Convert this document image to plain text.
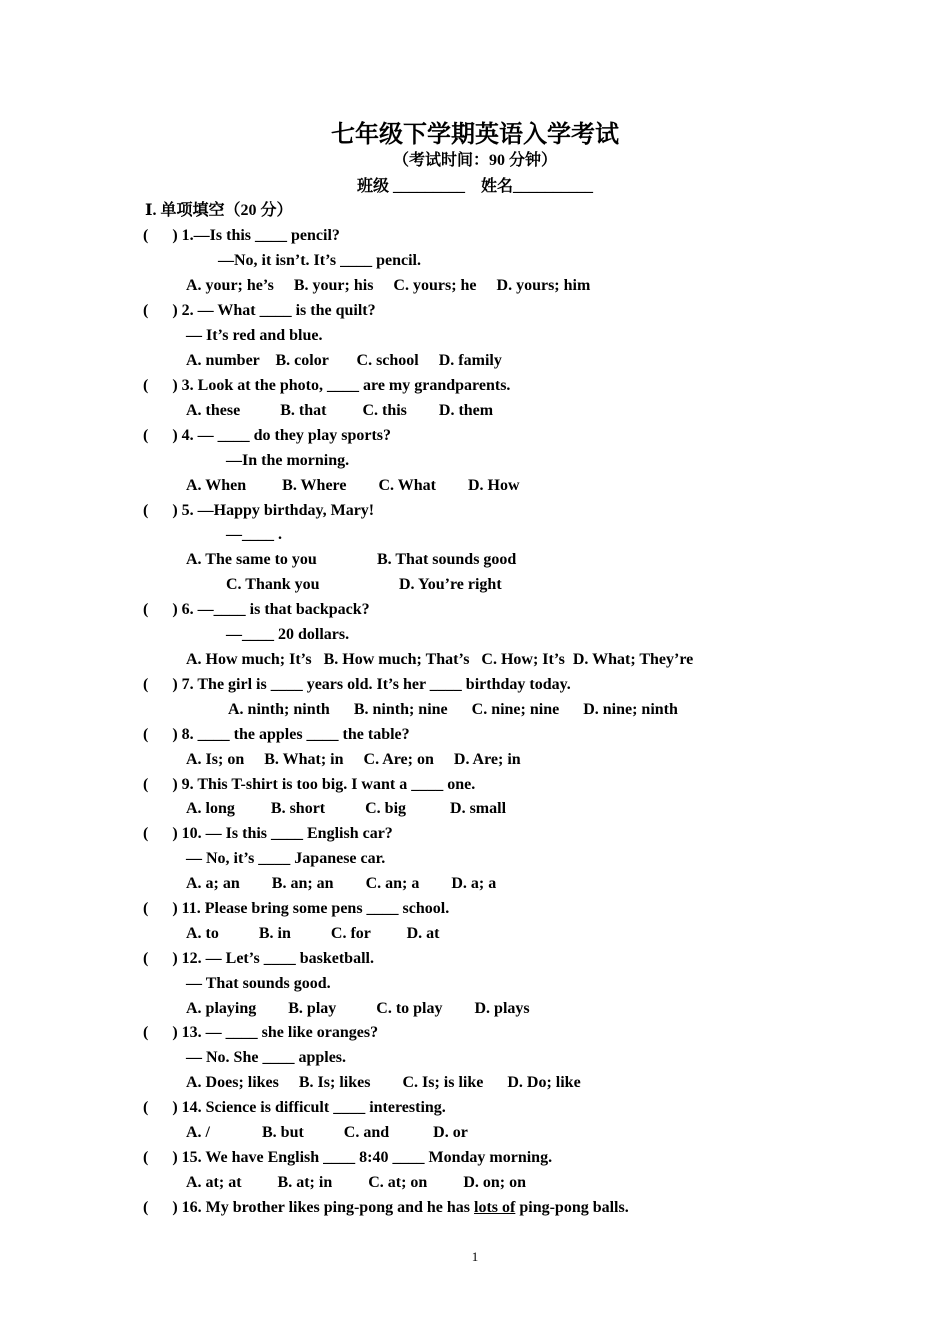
七年级下学期英语入学考试
（考试时间：90 分钟）
班级 _________    姓名__________
Ⅰ. 单项填空（20 分）
(      ) 1.—Is this ____ pencil?
—No, it isn’t. It’s ____ pencil.
A. your; he’s     B. your; his     C. yours; he     D. yours; him
(      ) 2. — What ____ is the quilt?
— It’s red and blue.
A. number    B. color       C. school     D. family
(      ) 3. Look at the photo, ____ are my grandparents.
A. these          B. that         C. this        D. them
(      ) 4. — ____ do they play sports?
—In the morning.
A. When         B. Where        C. What        D. How
(      ) 5. —Happy birthday, Mary!
—____ .
A. The same to you	B. That sounds good
C. Thank you	D. You’re right
(      ) 6. —____ is that backpack?
—____ 20 dollars.
A. How much; It’s   B. How much; That’s   C. How; It’s  D. What; They’re
(      ) 7. The girl is ____ years old. It’s her ____ birthday today.
A. ninth; ninth      B. ninth; nine      C. nine; nine      D. nine; ninth
(      ) 8. ____ the apples ____ the table?
A. Is; on     B. What; in     C. Are; on     D. Are; in
(      ) 9. This T-shirt is too big. I want a ____ one.
A. long         B. short          C. big           D. small
(      ) 10. — Is this ____ English car?
— No, it’s ____ Japanese car.
A. a; an        B. an; an        C. an; a        D. a; a
(      ) 11. Please bring some pens ____ school.
A. to          B. in          C. for         D. at
(      ) 12. — Let’s ____ basketball.
— That sounds good.
A. playing        B. play          C. to play        D. plays
(      ) 13. — ____ she like oranges?
— No. She ____ apples.
A. Does; likes     B. Is; likes        C. Is; is like      D. Do; like
(      ) 14. Science is difficult ____ interesting.
A. /             B. but          C. and           D. or
(      ) 15. We have English ____ 8:40 ____ Monday morning.
A. at; at         B. at; in         C. at; on         D. on; on
(      ) 16. My brother likes ping-pong and he has lots of ping-pong balls.
1
